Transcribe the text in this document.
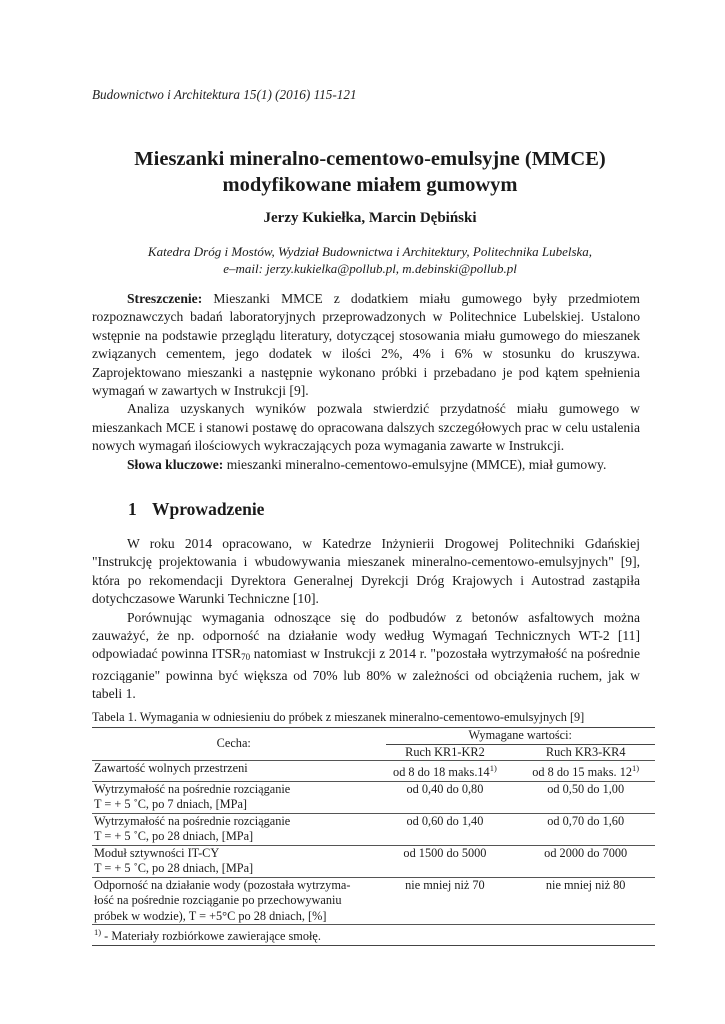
Budownictwo i Architektura 15(1) (2016) 115-121
Mieszanki mineralno-cementowo-emulsyjne (MMCE)
modyfikowane miałem gumowym
Jerzy Kukiełka, Marcin Dębiński
Katedra Dróg i Mostów, Wydział Budownictwa i Architektury, Politechnika Lubelska,
e–mail: jerzy.kukielka@pollub.pl, m.debinski@pollub.pl

Streszczenie: Mieszanki MMCE z dodatkiem miału gumowego były przedmiotem rozpoznawczych badań laboratoryjnych przeprowadzonych w Politechnice Lubelskiej. Ustalono wstępnie na podstawie przeglądu literatury, dotyczącej stosowania miału gumowego do mieszanek związanych cementem, jego dodatek w ilości 2%, 4% i 6% w stosunku do kruszywa. Zaprojektowano mieszanki a następnie wykonano próbki i przebadano je pod kątem spełnienia wymagań w zawartych w Instrukcji [9].

Analiza uzyskanych wyników pozwala stwierdzić przydatność miału gumowego w mieszankach MCE i stanowi postawę do opracowana dalszych szczegółowych prac w celu ustalenia nowych wymagań ilościowych wykraczających poza wymagania zawarte w Instrukcji.

Słowa kluczowe: mieszanki mineralno-cementowo-emulsyjne (MMCE), miał gumowy.

1 Wprowadzenie

W roku 2014 opracowano, w Katedrze Inżynierii Drogowej Politechniki Gdańskiej "Instrukcję projektowania i wbudowywania mieszanek mineralno-cementowo-emulsyjnych" [9], która po rekomendacji Dyrektora Generalnej Dyrekcji Dróg Krajowych i Autostrad zastąpiła dotychczasowe Warunki Techniczne [10].

Porównując wymagania odnoszące się do podbudów z betonów asfaltowych można zauważyć, że np. odporność na działanie wody według Wymagań Technicznych WT-2 [11] odpowiadać powinna $ITSR_{70}$ natomiast w Instrukcji z 2014 r. "pozostała wytrzymałość na pośrednie rozciąganie" powinna być większa od 70% lub 80% w zależności od obciążenia ruchem, jak w tabeli 1.

Tabela 1. Wymagania w odniesieniu do próbek z mieszanek mineralno-cementowo-emulsyjnych [9]
Cecha:	Wymagane wartości:	

	Ruch KR1-KR2	Ruch KR3-KR4

Zawartość wolnych przestrzeni	od 8 do 18 maks.14$^{1)}$	od 8 do 15 maks. 12$^{1)}$

Wytrzymałość na pośrednie rozciąganie
T = + 5 ˚C, po 7 dniach, [MPa]	od 0,40 do 0,80	od 0,50 do 1,00

Wytrzymałość na pośrednie rozciąganie
T = + 5 ˚C, po 28 dniach, [MPa]	od 0,60 do 1,40	od 0,70 do 1,60

Moduł sztywności IT-CY
T = + 5 ˚C, po 28 dniach, [MPa]	od 1500 do 5000	od 2000 do 7000

Odporność na działanie wody (pozostała wytrzyma-
łość na pośrednie rozciąganie po przechowywaniu
próbek w wodzie), T = +5°C po 28 dniach, [%]	nie mniej niż 70	nie mniej niż 80
$^{1)}$ - Materiały rozbiórkowe zawierające smołę.		
